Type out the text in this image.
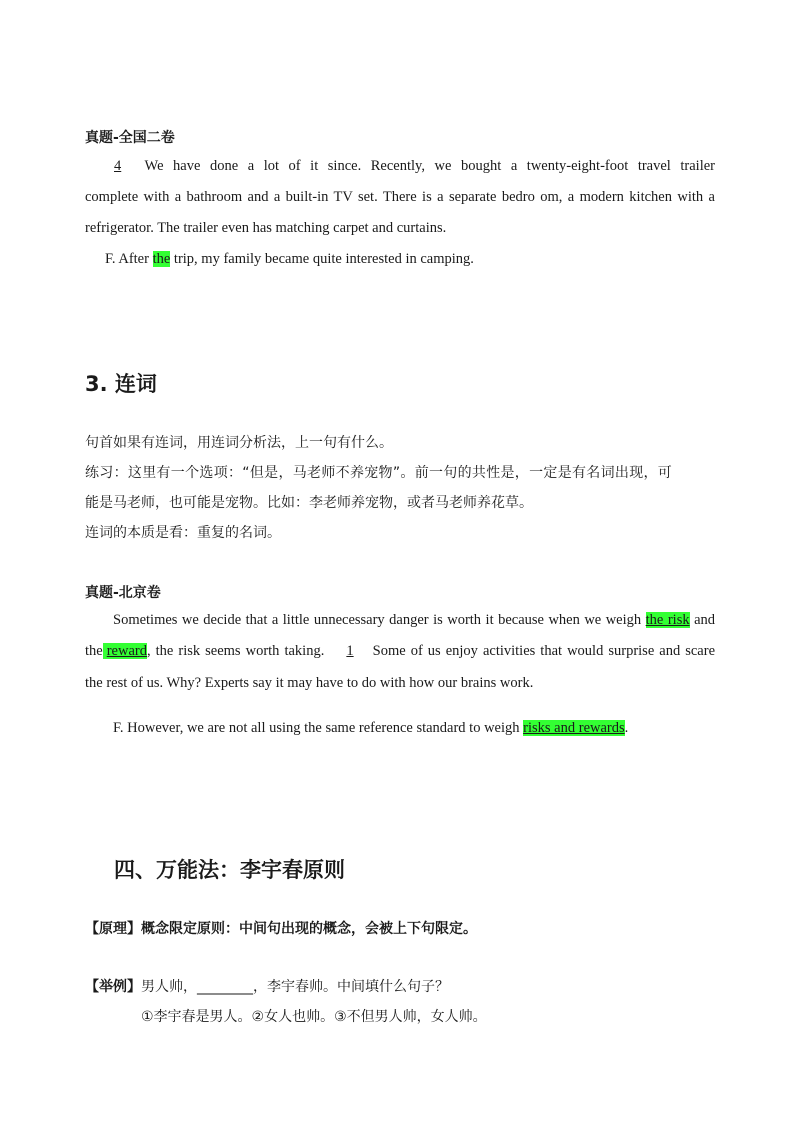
真题-全国二卷
4 We have done a lot of it since. Recently, we bought a twenty-eight-foot travel trailer
complete with a bathroom and a built-in TV set. There is a separate bedro om, a modern kitchen with a
refrigerator. The trailer even has matching carpet and curtains.
F. After the trip, my family became quite interested in camping.
3. 连词
句首如果有连词，用连词分析法，上一句有什么。
练习：这里有一个选项：“但是，马老师不养宠物”。前一句的共性是，一定是有名词出现，可
能是马老师，也可能是宠物。比如：李老师养宠物，或者马老师养花草。
连词的本质是看：重复的名词。
真题-北京卷
Sometimes we decide that a little unnecessary danger is worth it because when we weigh the risk and
the reward, the risk seems worth taking. 1 Some of us enjoy activities that would surprise and scare
the rest of us. Why? Experts say it may have to do with how our brains work.
F. However, we are not all using the same reference standard to weigh risks and rewards.
四、万能法：李宇春原则
【原理】概念限定原则：中间句出现的概念，会被上下句限定。
【举例】男人帅，________，李宇春帅。中间填什么句子？
①李宇春是男人。②女人也帅。③不但男人帅，女人帅。
